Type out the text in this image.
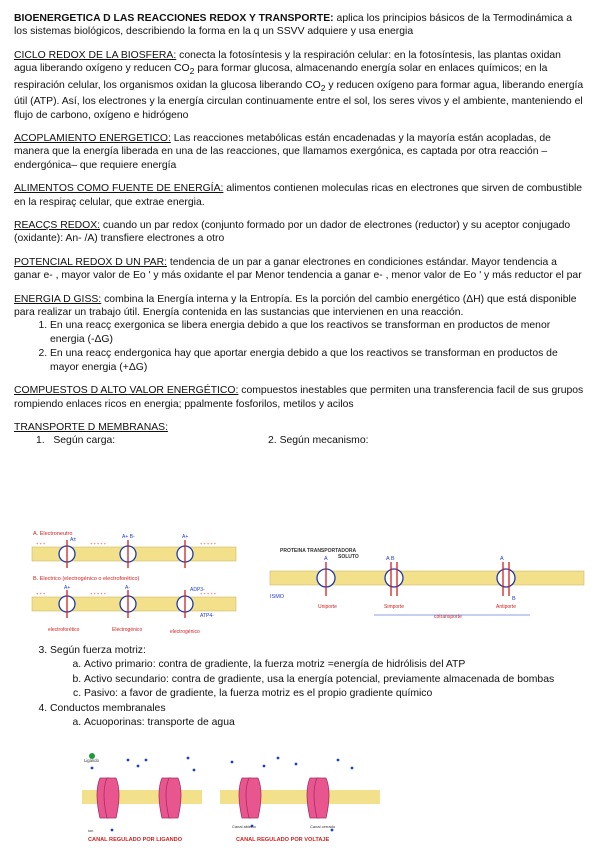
BIOENERGETICA D LAS REACCIONES REDOX Y TRANSPORTE: aplica los principios básicos de la Termodinámica a los sistemas biológicos, describiendo la forma en la q un SSVV adquiere y usa energia

CICLO REDOX DE LA BIOSFERA: conecta la fotosíntesis y la respiración celular: en la fotosíntesis, las plantas oxidan agua liberando oxígeno y reducen $CO_2$ para formar glucosa, almacenando energía solar en enlaces químicos; en la respiración celular, los organismos oxidan la glucosa liberando $CO_2$ y reducen oxígeno para formar agua, liberando energía útil (ATP). Así, los electrones y la energía circulan continuamente entre el sol, los seres vivos y el ambiente, manteniendo el flujo de carbono, oxígeno e hidrógeno

ACOPLAMIENTO ENERGETICO: Las reacciones metabólicas están encadenadas y la mayoría están acopladas, de manera que la energía liberada en una de las reacciones, que llamamos exergónica, es captada por otra reacción –endergónica– que requiere energía

ALIMENTOS COMO FUENTE DE ENERGÍA: alimentos contienen moleculas ricas en electrones que sirven de combustible en la respiraç celular, que extrae energia.

REACÇS REDOX: cuando un par redox (conjunto formado por un dador de electrones (reductor) y su aceptor conjugado (oxidante): An- /A) transfiere electrones a otro

POTENCIAL REDOX D UN PAR: tendencia de un par a ganar electrones en condiciones estándar. Mayor tendencia a ganar e- , mayor valor de Eo ' y más oxidante el par Menor tendencia a ganar e- , menor valor de Eo ' y más reductor el par

ENERGIA D GISS: combina la Energía interna y la Entropía. Es la porción del cambio energético (ΔH) que está disponible para realizar un trabajo útil. Energía contenida en las sustancias que intervienen en una reacción.

1. En una reacç exergonica se libera energia debido a que los reactivos se transforman en productos de menor energia (-ΔG)
2. En una reacç endergonica hay que aportar energia debido a que los reactivos se transforman en productos de mayor energia (+ΔG)

COMPUESTOS D ALTO VALOR ENERGÉTICO: compuestos inestables que permiten una transferencia facil de sus grupos rompiendo enlaces ricos en energia; ppalmente fosforilos, metilos y acilos

TRANSPORTE D MEMBRANAS:

1.   Según carga:	2. Según mecanismo:
A. Electroneutro
B. Electrico (electrogénico o electroforético)
A±	A+ B-	A+
A+	A-	ADP3-
ATP4-
electroforético	Electrogénico	electrogénico
+ + +	+ + + + +	+ + + + +
+ + +	+ + + + +	+ + + + +
PROTEINA TRANSPORTADORA
SOLUTO
ISMO
A	A B	A
B
Uniporte	Simporte	Antiporte
cotransporte
3. Según fuerza motriz:
a. Activo primario: contra de gradiente, la fuerza motriz =energía de hidrólisis del ATP
b. Activo secundario: contra de gradiente, usa la energía potencial, previamente almacenada de bombas
c. Pasivo: a favor de gradiente, la fuerza motriz es el propio gradiente químico
4. Conductos membranales
a. Acuoporinas: transporte de agua
Ligando
ion
Canal abierto	Canal cerrado
CANAL REGULADO POR LIGANDO	CANAL REGULADO POR VOLTAJE
